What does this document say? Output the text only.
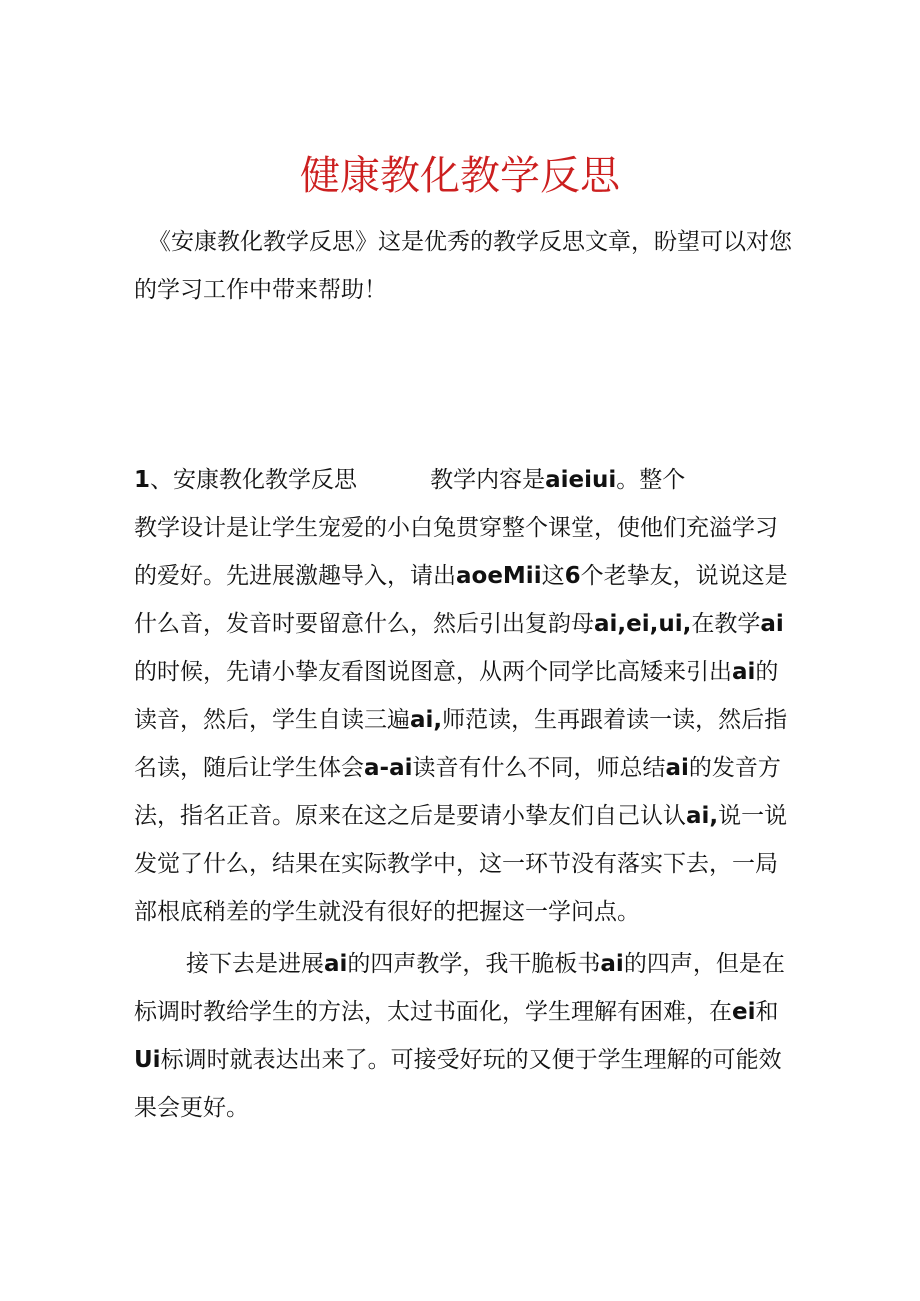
健康教化教学反思

《安康教化教学反思》这是优秀的教学反思文章，盼望可以对您的学习工作中带来帮助！

1、安康教化教学反思	教学内容是aieiui。整个

教学设计是让学生宠爱的小白兔贯穿整个课堂，使他们充溢学习的爱好。先进展激趣导入，请出aoeMii这6个老挚友，说说这是什么音，发音时要留意什么，然后引出复韵母ai,ei,ui,在教学ai的时候，先请小挚友看图说图意，从两个同学比高矮来引出ai的读音，然后，学生自读三遍ai,师范读，生再跟着读一读，然后指名读，随后让学生体会a-ai读音有什么不同，师总结ai的发音方法，指名正音。原来在这之后是要请小挚友们自己认认ai,说一说发觉了什么，结果在实际教学中，这一环节没有落实下去，一局部根底稍差的学生就没有很好的把握这一学问点。

接下去是进展ai的四声教学，我干脆板书ai的四声，但是在标调时教给学生的方法，太过书面化，学生理解有困难，在ei和Ui标调时就表达出来了。可接受好玩的又便于学生理解的可能效果会更好。
